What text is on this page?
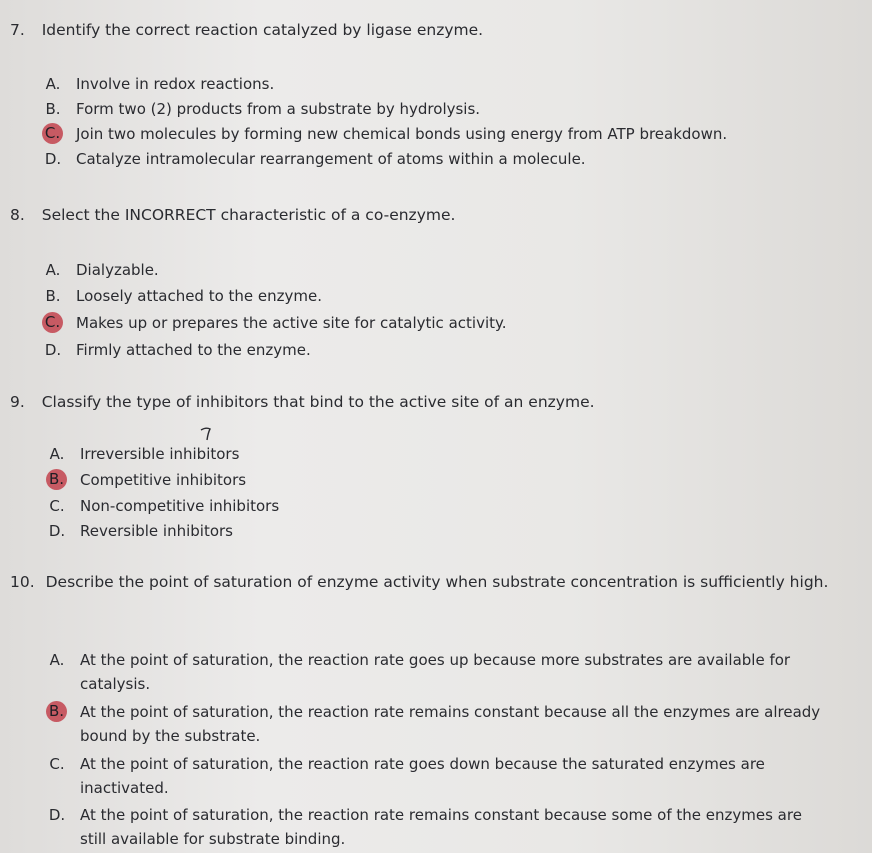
7. Identify the correct reaction catalyzed by ligase enzyme.
A. Involve in redox reactions.
B. Form two (2) products from a substrate by hydrolysis.
C. Join two molecules by forming new chemical bonds using energy from ATP breakdown.
D. Catalyze intramolecular rearrangement of atoms within a molecule.
8. Select the INCORRECT characteristic of a co-enzyme.
A. Dialyzable.
B. Loosely attached to the enzyme.
C. Makes up or prepares the active site for catalytic activity.
D. Firmly attached to the enzyme.
9. Classify the type of inhibitors that bind to the active site of an enzyme.
A. Irreversible inhibitors
B. Competitive inhibitors
C. Non-competitive inhibitors
D. Reversible inhibitors
10. Describe the point of saturation of enzyme activity when substrate concentration is sufficiently high.
A. At the point of saturation, the reaction rate goes up because more substrates are available for catalysis.
B. At the point of saturation, the reaction rate remains constant because all the enzymes are already bound by the substrate.
C. At the point of saturation, the reaction rate goes down because the saturated enzymes are inactivated.
D. At the point of saturation, the reaction rate remains constant because some of the enzymes are still available for substrate binding.
